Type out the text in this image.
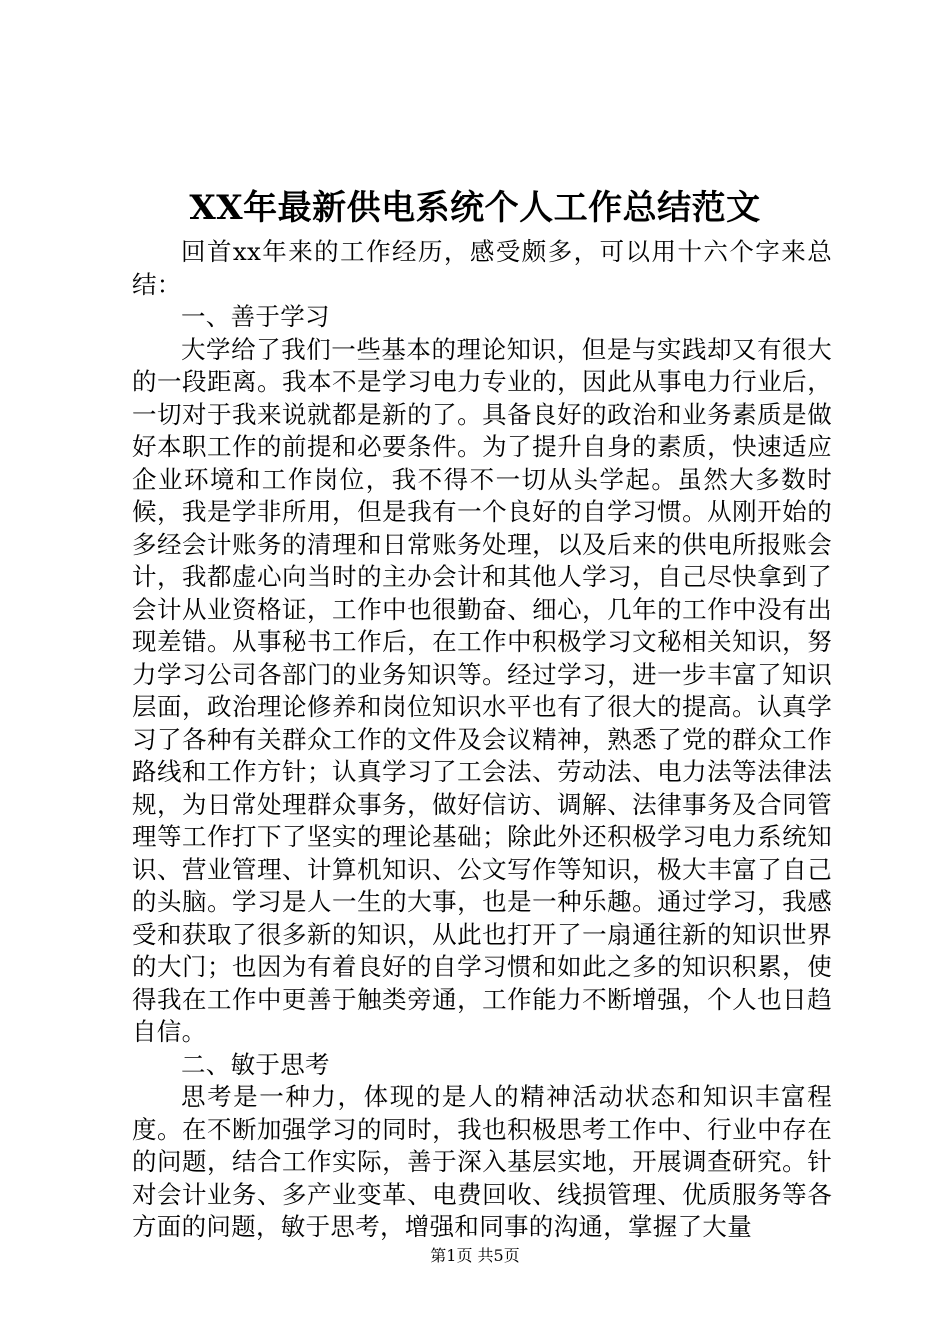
XX年最新供电系统个人工作总结范文

回首xx年来的工作经历，感受颇多，可以用十六个字来总结：

一、善于学习

大学给了我们一些基本的理论知识，但是与实践却又有很大的一段距离。我本不是学习电力专业的，因此从事电力行业后，一切对于我来说就都是新的了。具备良好的政治和业务素质是做好本职工作的前提和必要条件。为了提升自身的素质，快速适应企业环境和工作岗位，我不得不一切从头学起。虽然大多数时候，我是学非所用，但是我有一个良好的自学习惯。从刚开始的多经会计账务的清理和日常账务处理，以及后来的供电所报账会计，我都虚心向当时的主办会计和其他人学习，自己尽快拿到了会计从业资格证，工作中也很勤奋、细心，几年的工作中没有出现差错。从事秘书工作后，在工作中积极学习文秘相关知识，努力学习公司各部门的业务知识等。经过学习，进一步丰富了知识层面，政治理论修养和岗位知识水平也有了很大的提高。认真学习了各种有关群众工作的文件及会议精神，熟悉了党的群众工作路线和工作方针；认真学习了工会法、劳动法、电力法等法律法规，为日常处理群众事务，做好信访、调解、法律事务及合同管理等工作打下了坚实的理论基础；除此外还积极学习电力系统知识、营业管理、计算机知识、公文写作等知识，极大丰富了自己的头脑。学习是人一生的大事，也是一种乐趣。通过学习，我感受和获取了很多新的知识，从此也打开了一扇通往新的知识世界的大门；也因为有着良好的自学习惯和如此之多的知识积累，使得我在工作中更善于触类旁通，工作能力不断增强，个人也日趋自信。

二、敏于思考

思考是一种力，体现的是人的精神活动状态和知识丰富程度。在不断加强学习的同时，我也积极思考工作中、行业中存在的问题，结合工作实际，善于深入基层实地，开展调查研究。针对会计业务、多产业变革、电费回收、线损管理、优质服务等各方面的问题，敏于思考，增强和同事的沟通，掌握了大量

第1页 共5页
